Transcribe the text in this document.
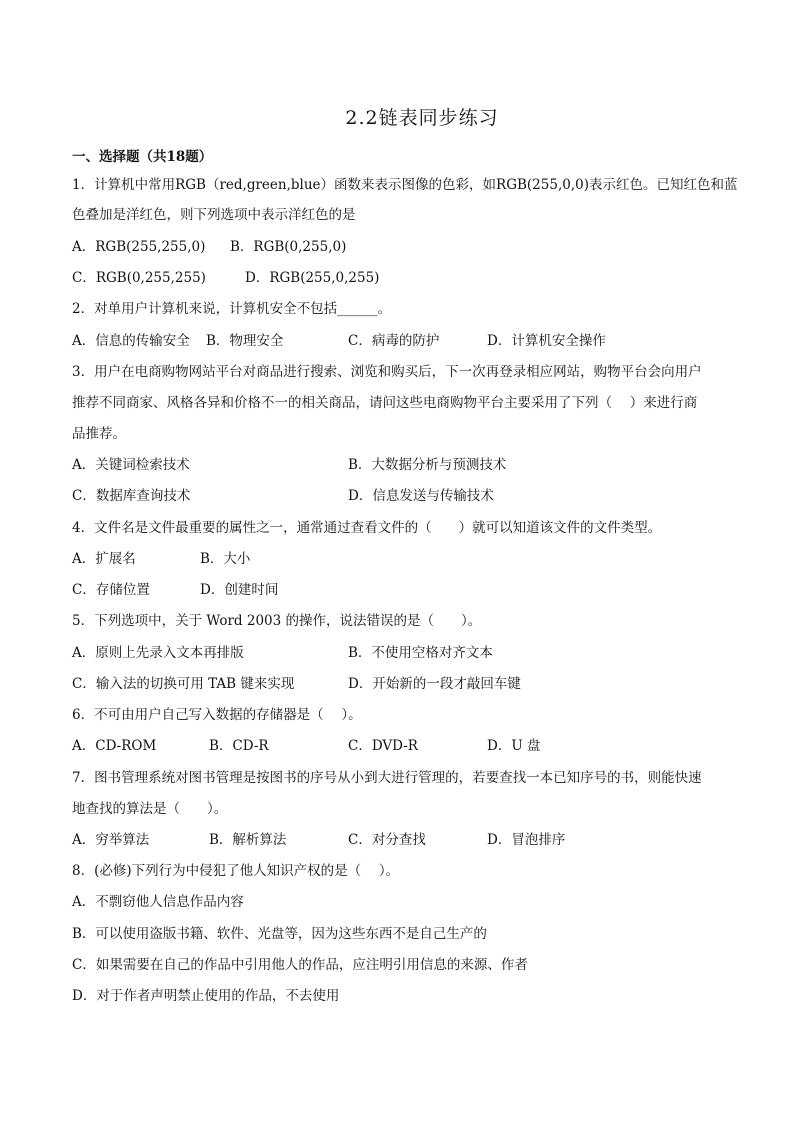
2.2链表同步练习
一、选择题（共18题）
1．计算机中常用RGB（red,green,blue）函数来表示图像的色彩，如RGB(255,0,0)表示红色。已知红色和蓝
色叠加是洋红色，则下列选项中表示洋红色的是
A．RGB(255,255,0) B．RGB(0,255,0)
C．RGB(0,255,255)	D．RGB(255,0,255)
2．对单用户计算机来说，计算机安全不包括______。
A．信息的传输安全 B．物理安全	C．病毒的防护	D．计算机安全操作
3．用户在电商购物网站平台对商品进行搜索、浏览和购买后，下一次再登录相应网站，购物平台会向用户
推荐不同商家、风格各异和价格不一的相关商品，请问这些电商购物平台主要采用了下列（　 ）来进行商
品推荐。
A．关键词检索技术	B．大数据分析与预测技术
C．数据库查询技术	D．信息发送与传输技术
4．文件名是文件最重要的属性之一，通常通过查看文件的（　　）就可以知道该文件的文件类型。
A．扩展名	B．大小
C．存储位置	D．创建时间
5．下列选项中，关于 Word 2003 的操作，说法错误的是（　　）。
A．原则上先录入文本再排版	B．不使用空格对齐文本
C．输入法的切换可用 TAB 键来实现	D．开始新的一段才敲回车键
6．不可由用户自己写入数据的存储器是（　 ）。
A．CD-ROM	B．CD-R	C．DVD-R	D．U 盘
7．图书管理系统对图书管理是按图书的序号从小到大进行管理的，若要查找一本已知序号的书，则能快速
地查找的算法是（　　）。
A．穷举算法	B．解析算法	C．对分查找	D．冒泡排序
8．(必修)下列行为中侵犯了他人知识产权的是（　 ）。
A．不剽窃他人信息作品内容
B．可以使用盗版书籍、软件、光盘等，因为这些东西不是自己生产的
C．如果需要在自己的作品中引用他人的作品，应注明引用信息的来源、作者
D．对于作者声明禁止使用的作品，不去使用
